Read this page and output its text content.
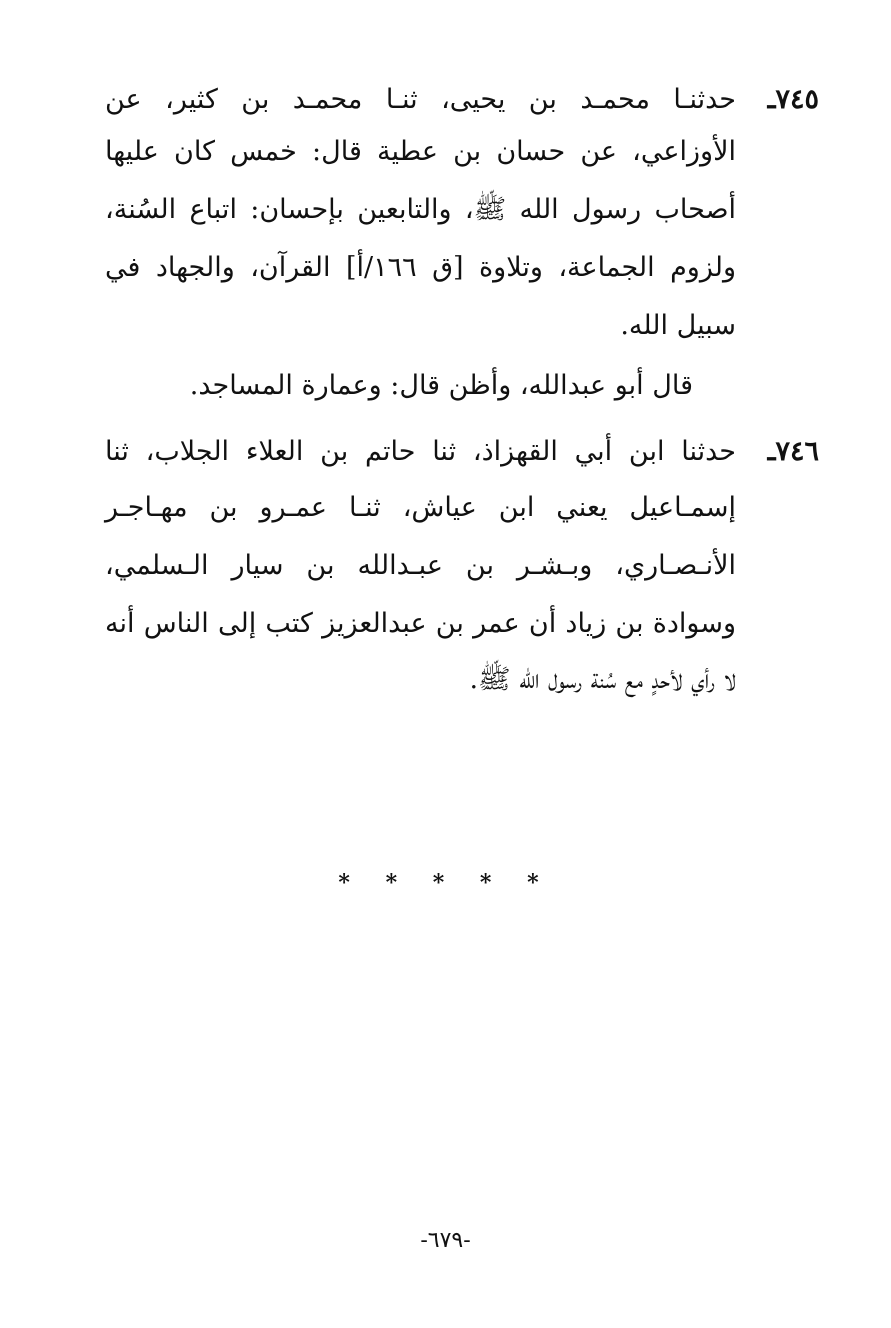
٧٤٥ـ
حدثنـا محمـد بن يحيى، ثنـا محمـد بن كثير، عن
الأوزاعي، عن حسان بن عطية قال: خمس كان عليها
أصحاب رسول الله ﷺ، والتابعين بإحسان: اتباع السُنة،
ولزوم الجماعة، وتلاوة [ق ١٦٦/أ] القرآن، والجهاد في
سبيل الله.
قال أبو عبدالله، وأظن قال: وعمارة المساجد.
٧٤٦ـ
حدثنا ابن أبي القهزاذ، ثنا حاتم بن العلاء الجلاب، ثنا
إسمـاعيل يعني ابن عياش، ثنـا عمـرو بن مهـاجـر
الأنـصـاري، وبـشـر بن عبـدالله بن سيار الـسلمي،
وسوادة بن زياد أن عمر بن عبدالعزيز كتب إلى الناس أنه
لا رأي لأحدٍ مع سُنة رسول الله ﷺ.
* * * * *
-٦٧٩-
